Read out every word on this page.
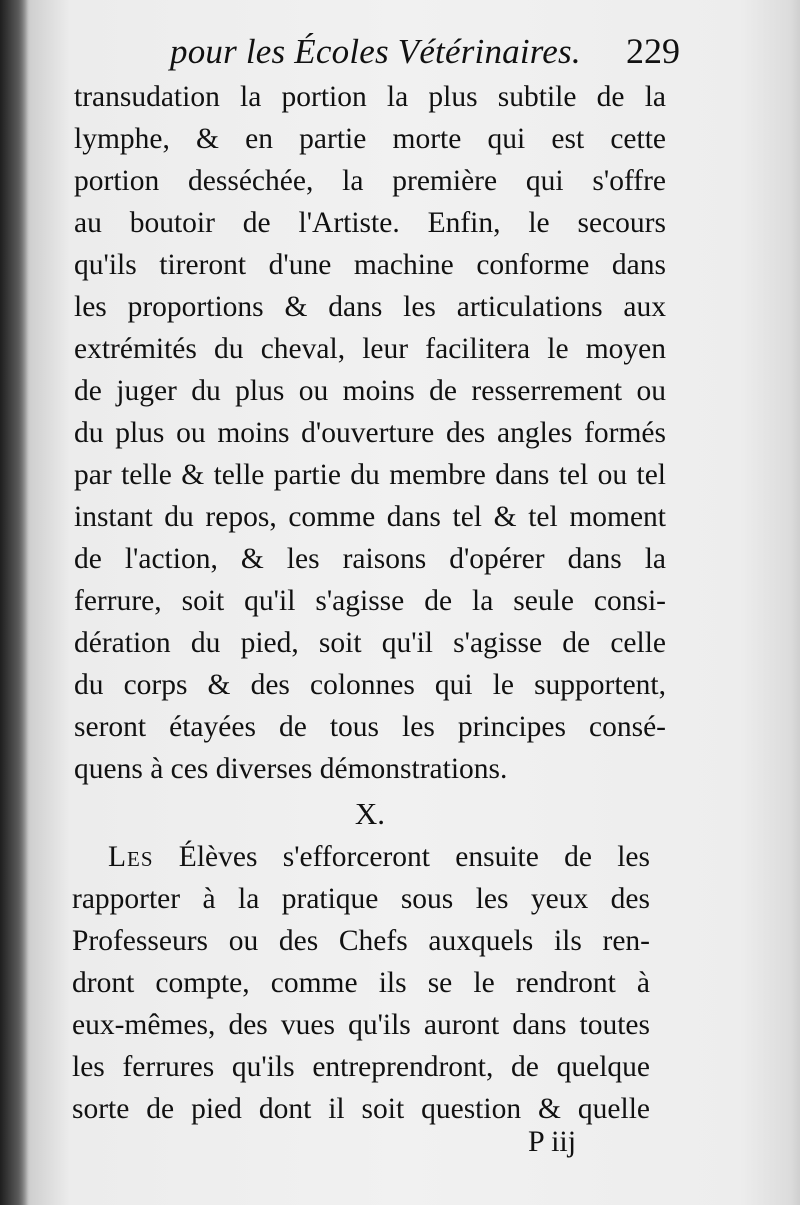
pour les Écoles Vétérinaires. 229
transudation la portion la plus subtile de la
lymphe, & en partie morte qui est cette
portion desséchée, la première qui s'offre
au boutoir de l'Artiste. Enfin, le secours
qu'ils tireront d'une machine conforme dans
les proportions & dans les articulations aux
extrémités du cheval, leur facilitera le moyen
de juger du plus ou moins de resserrement ou
du plus ou moins d'ouverture des angles formés
par telle & telle partie du membre dans tel ou tel
instant du repos, comme dans tel & tel moment
de l'action, & les raisons d'opérer dans la
ferrure, soit qu'il s'agisse de la seule consi-
dération du pied, soit qu'il s'agisse de celle
du corps & des colonnes qui le supportent,
seront étayées de tous les principes consé-
quens à ces diverses démonstrations.
X.
Les Élèves s'efforceront ensuite de les
rapporter à la pratique sous les yeux des
Professeurs ou des Chefs auxquels ils ren-
dront compte, comme ils se le rendront à
eux-mêmes, des vues qu'ils auront dans toutes
les ferrures qu'ils entreprendront, de quelque
sorte de pied dont il soit question & quelle
P iij
